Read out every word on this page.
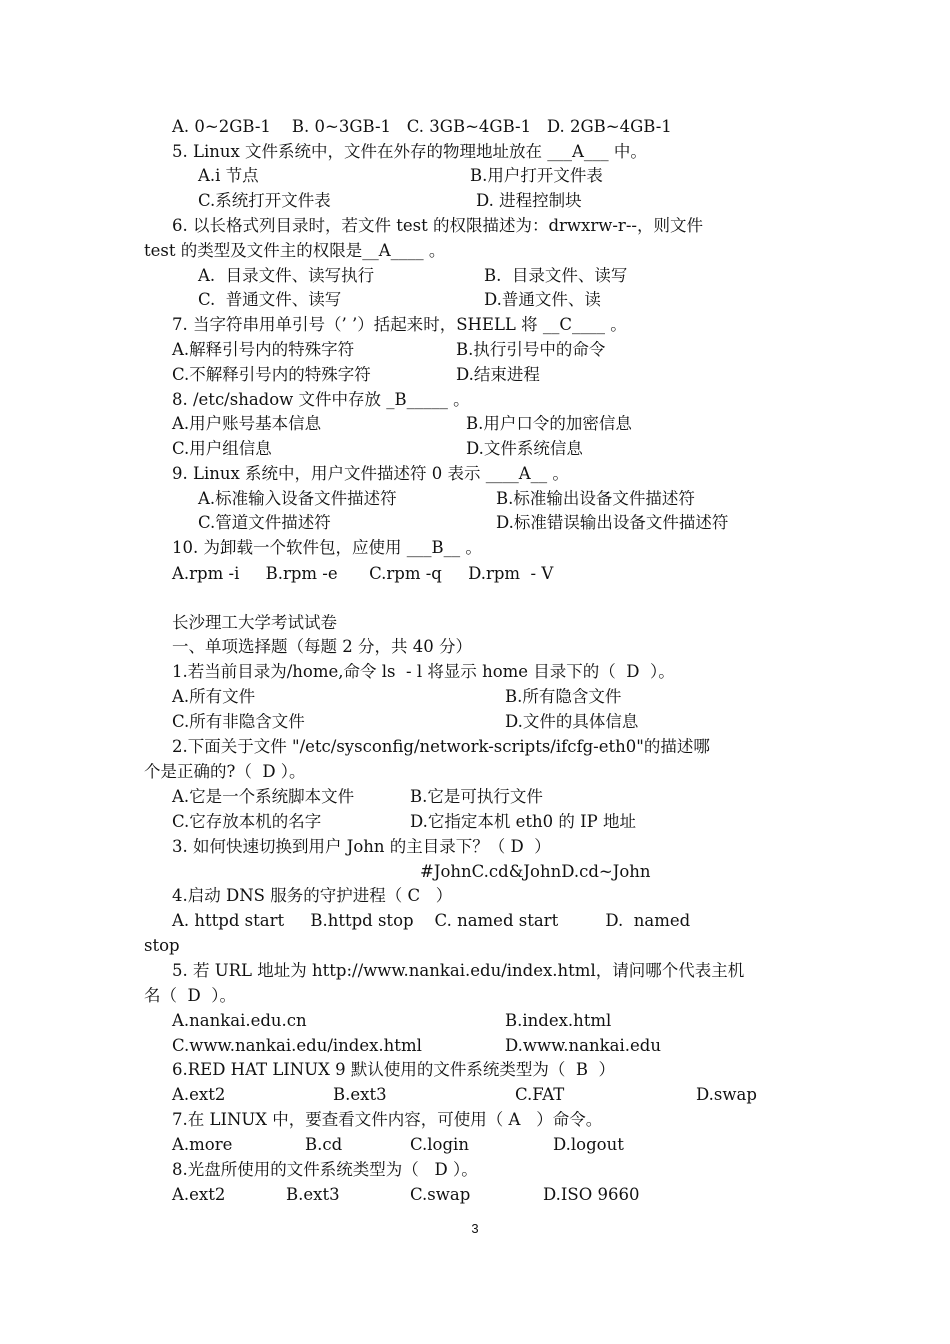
A. 0~2GB-1    B. 0~3GB-1   C. 3GB~4GB-1   D. 2GB~4GB-1
5. Linux 文件系统中，文件在外存的物理地址放在 ___A___ 中。
A.i 节点	B.用户打开文件表
C.系统打开文件表	D. 进程控制块
6. 以长格式列目录时，若文件 test 的权限描述为：drwxrw-r--，则文件
test 的类型及文件主的权限是__A____ 。
A.  目录文件、读写执行	B.  目录文件、读写
C.  普通文件、读写	D.普通文件、读
7. 当字符串用单引号（’ ’）括起来时，SHELL 将 __C____ 。
A.解释引号内的特殊字符	B.执行引号中的命令
C.不解释引号内的特殊字符	D.结束进程
8. /etc/shadow 文件中存放 _B_____ 。
A.用户账号基本信息	B.用户口令的加密信息
C.用户组信息	D.文件系统信息
9. Linux 系统中，用户文件描述符 0 表示 ____A__ 。
A.标准输入设备文件描述符	B.标准输出设备文件描述符
C.管道文件描述符	D.标准错误输出设备文件描述符
10. 为卸载一个软件包，应使用 ___B__ 。
A.rpm -i     B.rpm -e      C.rpm -q     D.rpm  - V
长沙理工大学考试试卷
一、单项选择题（每题 2 分，共 40 分）
1.若当前目录为/home,命令 ls  - l 将显示 home 目录下的（  D  ）。
A.所有文件	B.所有隐含文件
C.所有非隐含文件	D.文件的具体信息
2.下面关于文件 "/etc/sysconfig/network-scripts/ifcfg-eth0"的描述哪
个是正确的?（  D ）。
A.它是一个系统脚本文件	B.它是可执行文件
C.它存放本机的名字	D.它指定本机 eth0 的 IP 地址
3. 如何快速切换到用户 John 的主目录下？（ D  ）
#JohnC.cd&JohnD.cd~John
4.启动 DNS 服务的守护进程（ C   ）
A. httpd start     B.httpd stop    C. named start         D.  named
stop
5. 若 URL 地址为 http://www.nankai.edu/index.html，请问哪个代表主机
名（  D  ）。
A.nankai.edu.cn	B.index.html
C.www.nankai.edu/index.html	D.www.nankai.edu
6.RED HAT LINUX 9 默认使用的文件系统类型为（  B  ）
A.ext2	B.ext3	C.FAT	D.swap
7.在 LINUX 中，要查看文件内容，可使用（ A   ）命令。
A.more	B.cd	C.login	D.logout
8.光盘所使用的文件系统类型为（   D ）。
A.ext2	B.ext3	C.swap	D.ISO 9660
3
